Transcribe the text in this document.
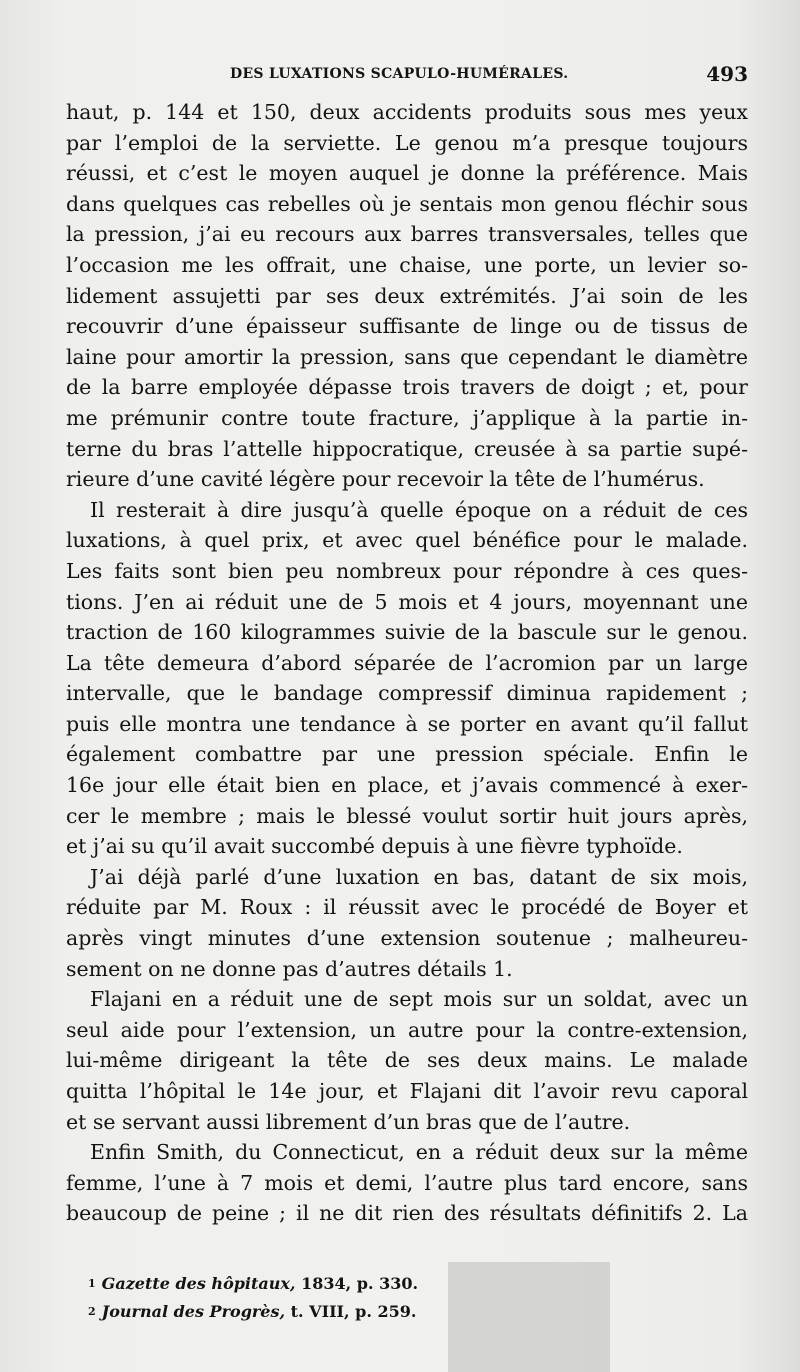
DES LUXATIONS SCAPULO-HUMÉRALES.	493
haut, p. 144 et 150, deux accidents produits sous mes yeux
par l’emploi de la serviette. Le genou m’a presque toujours
réussi, et c’est le moyen auquel je donne la préférence. Mais
dans quelques cas rebelles où je sentais mon genou fléchir sous
la pression, j’ai eu recours aux barres transversales, telles que
l’occasion me les offrait, une chaise, une porte, un levier so-
lidement assujetti par ses deux extrémités. J’ai soin de les
recouvrir d’une épaisseur suffisante de linge ou de tissus de
laine pour amortir la pression, sans que cependant le diamètre
de la barre employée dépasse trois travers de doigt ; et, pour
me prémunir contre toute fracture, j’applique à la partie in-
terne du bras l’attelle hippocratique, creusée à sa partie supé-
rieure d’une cavité légère pour recevoir la tête de l’humérus.
Il resterait à dire jusqu’à quelle époque on a réduit de ces
luxations, à quel prix, et avec quel bénéfice pour le malade.
Les faits sont bien peu nombreux pour répondre à ces ques-
tions. J’en ai réduit une de 5 mois et 4 jours, moyennant une
traction de 160 kilogrammes suivie de la bascule sur le genou.
La tête demeura d’abord séparée de l’acromion par un large
intervalle, que le bandage compressif diminua rapidement ;
puis elle montra une tendance à se porter en avant qu’il fallut
également combattre par une pression spéciale. Enfin le
16e jour elle était bien en place, et j’avais commencé à exer-
cer le membre ; mais le blessé voulut sortir huit jours après,
et j’ai su qu’il avait succombé depuis à une fièvre typhoïde.
J’ai déjà parlé d’une luxation en bas, datant de six mois,
réduite par M. Roux : il réussit avec le procédé de Boyer et
après vingt minutes d’une extension soutenue ; malheureu-
sement on ne donne pas d’autres détails 1.
Flajani en a réduit une de sept mois sur un soldat, avec un
seul aide pour l’extension, un autre pour la contre-extension,
lui-même dirigeant la tête de ses deux mains. Le malade
quitta l’hôpital le 14e jour, et Flajani dit l’avoir revu caporal
et se servant aussi librement d’un bras que de l’autre.
Enfin Smith, du Connecticut, en a réduit deux sur la même
femme, l’une à 7 mois et demi, l’autre plus tard encore, sans
beaucoup de peine ; il ne dit rien des résultats définitifs 2. La
$^1$ Gazette des hôpitaux, 1834, p. 330.
$^2$ Journal des Progrès, t. VIII, p. 259.
